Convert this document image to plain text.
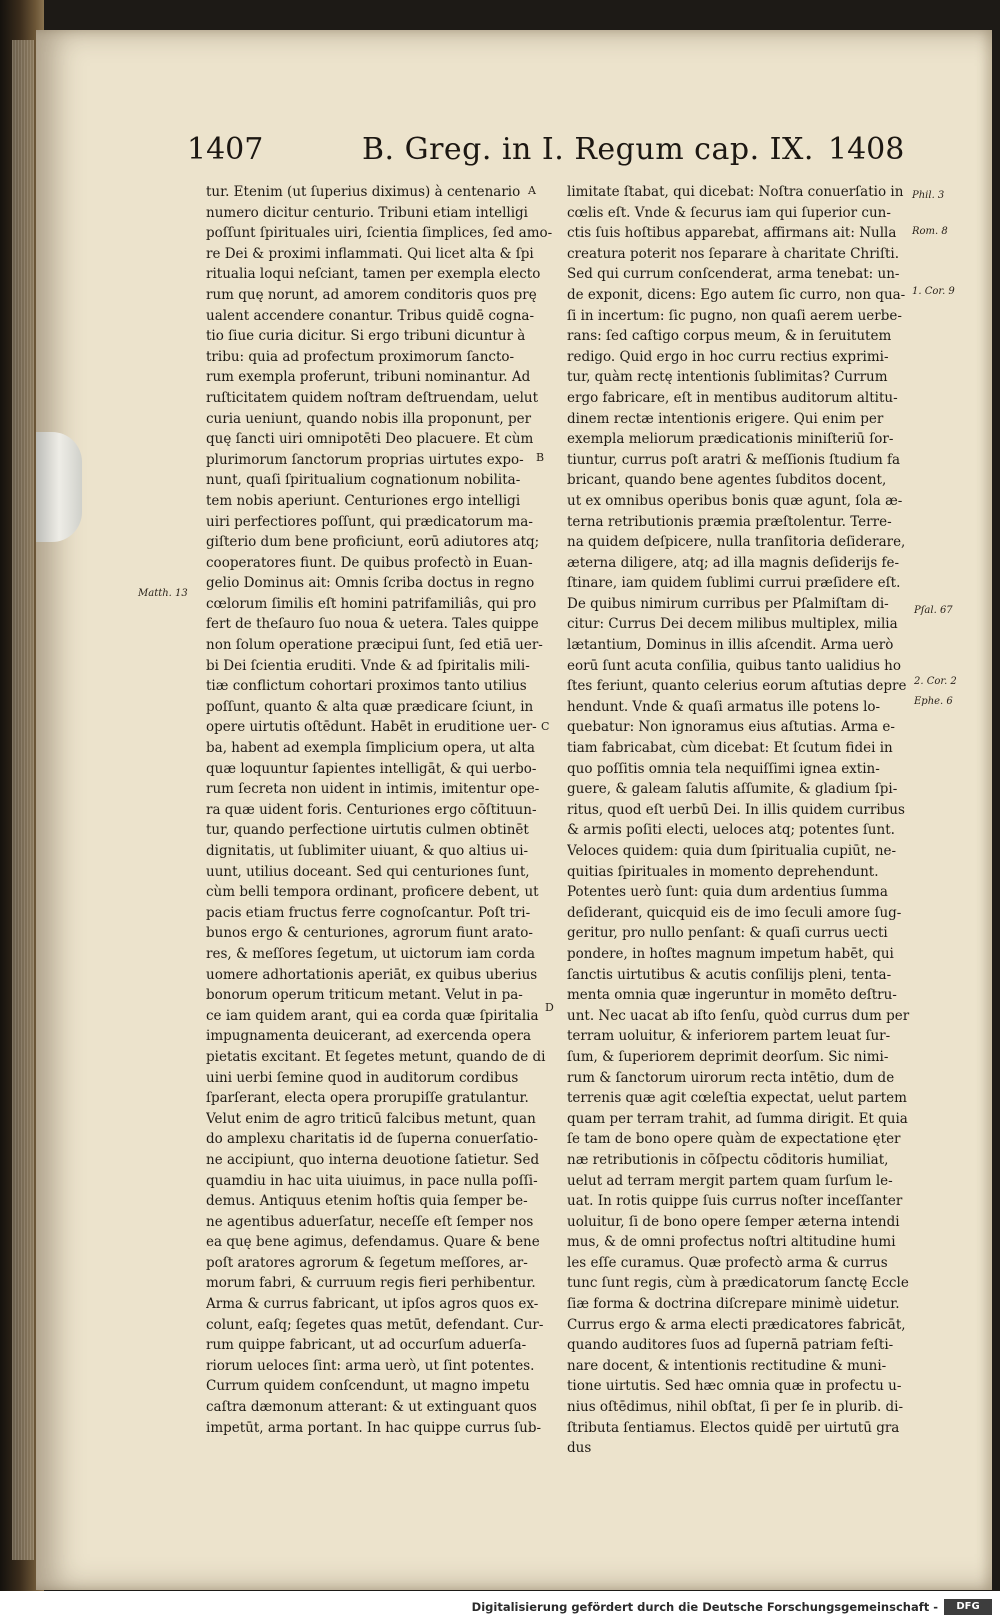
1407	B. Greg. in I. Regum cap. IX. 1408
tur. Etenim (ut ſuperius diximus) à centenario
numero dicitur centurio. Tribuni etiam intelligi
poſſunt ſpirituales uiri, ſcientia ſimplices, ſed amo-
re Dei & proximi inflammati. Qui licet alta & ſpi
ritualia loqui neſciant, tamen per exempla electo
rum quę norunt, ad amorem conditoris quos prę
ualent accendere conantur. Tribus quidē cogna-
tio ſiue curia dicitur. Si ergo tribuni dicuntur à
tribu: quia ad profectum proximorum ſancto-
rum exempla proferunt, tribuni nominantur. Ad
ruſticitatem quidem noſtram deſtruendam, uelut
curia ueniunt, quando nobis illa proponunt, per
quę ſancti uiri omnipotēti Deo placuere. Et cùm
plurimorum ſanctorum proprias uirtutes expo-
nunt, quaſi ſpiritualium cognationum nobilita-
tem nobis aperiunt. Centuriones ergo intelligi
uiri perfectiores poſſunt, qui prædicatorum ma-
giſterio dum bene proficiunt, eorū adiutores atq;
cooperatores fiunt. De quibus profectò in Euan-
gelio Dominus ait: Omnis ſcriba doctus in regno
cœlorum ſimilis eſt homini patrifamiliâs, qui pro
fert de theſauro ſuo noua & uetera. Tales quippe
non ſolum operatione præcipui ſunt, ſed etiā uer-
bi Dei ſcientia eruditi. Vnde & ad ſpiritalis mili-
tiæ conflictum cohortari proximos tanto utilius
poſſunt, quanto & alta quæ prædicare ſciunt, in
opere uirtutis oſtēdunt. Habēt in eruditione uer-
ba, habent ad exempla ſimplicium opera, ut alta
quæ loquuntur ſapientes intelligāt, & qui uerbo-
rum ſecreta non uident in intimis, imitentur ope-
ra quæ uident foris. Centuriones ergo cōſtituun-
tur, quando perfectione uirtutis culmen obtinēt
dignitatis, ut ſublimiter uiuant, & quo altius ui-
uunt, utilius doceant. Sed qui centuriones ſunt,
cùm belli tempora ordinant, proficere debent, ut
pacis etiam fructus ferre cognoſcantur. Poſt tri-
bunos ergo & centuriones, agrorum fiunt arato-
res, & meſſores ſegetum, ut uictorum iam corda
uomere adhortationis aperiāt, ex quibus uberius
bonorum operum triticum metant. Velut in pa-
ce iam quidem arant, qui ea corda quæ ſpiritalia
impugnamenta deuicerant, ad exercenda opera
pietatis excitant. Et ſegetes metunt, quando de di
uini uerbi ſemine quod in auditorum cordibus
ſparſerant, electa opera prorupiſſe gratulantur.
Velut enim de agro triticū falcibus metunt, quan
do amplexu charitatis id de ſuperna conuerſatio-
ne accipiunt, quo interna deuotione ſatietur. Sed
quamdiu in hac uita uiuimus, in pace nulla poſſi-
demus. Antiquus etenim hoſtis quia ſemper be-
ne agentibus aduerſatur, neceſſe eſt ſemper nos
ea quę bene agimus, defendamus. Quare & bene
poſt aratores agrorum & ſegetum meſſores, ar-
morum fabri, & curruum regis fieri perhibentur.
Arma & currus fabricant, ut ipſos agros quos ex-
colunt, eaſq; ſegetes quas metūt, defendant. Cur-
rum quippe fabricant, ut ad occurſum aduerſa-
riorum ueloces ſint: arma uerò, ut ſint potentes.
Currum quidem conſcendunt, ut magno impetu
caſtra dæmonum atterant: & ut extinguant quos
impetūt, arma portant. In hac quippe currus ſub-
limitate ſtabat, qui dicebat: Noſtra conuerſatio in
cœlis eſt. Vnde & ſecurus iam qui ſuperior cun-
ctis ſuis hoſtibus apparebat, affirmans ait: Nulla
creatura poterit nos ſeparare à charitate Chriſti.
Sed qui currum conſcenderat, arma tenebat: un-
de exponit, dicens: Ego autem ſic curro, non qua-
ſi in incertum: ſic pugno, non quaſi aerem uerbe-
rans: ſed caſtigo corpus meum, & in ſeruitutem
redigo. Quid ergo in hoc curru rectius exprimi-
tur, quàm rectę intentionis ſublimitas? Currum
ergo fabricare, eſt in mentibus auditorum altitu-
dinem rectæ intentionis erigere. Qui enim per
exempla meliorum prædicationis miniſteriū ſor-
tiuntur, currus poſt aratri & meſſionis ſtudium fa
bricant, quando bene agentes ſubditos docent,
ut ex omnibus operibus bonis quæ agunt, ſola æ-
terna retributionis præmia præſtolentur. Terre-
na quidem deſpicere, nulla tranſitoria deſiderare,
æterna diligere, atq; ad illa magnis deſiderijs fe-
ſtinare, iam quidem ſublimi currui præſidere eſt.
De quibus nimirum curribus per Pſalmiſtam di-
citur: Currus Dei decem milibus multiplex, milia
lætantium, Dominus in illis aſcendit. Arma uerò
eorū ſunt acuta conſilia, quibus tanto ualidius ho
ſtes feriunt, quanto celerius eorum aſtutias depre
hendunt. Vnde & quaſi armatus ille potens lo-
quebatur: Non ignoramus eius aſtutias. Arma e-
tiam fabricabat, cùm dicebat: Et ſcutum fidei in
quo poſſitis omnia tela nequiſſimi ignea extin-
guere, & galeam ſalutis aſſumite, & gladium ſpi-
ritus, quod eſt uerbū Dei. In illis quidem curribus
& armis poſiti electi, ueloces atq; potentes ſunt.
Veloces quidem: quia dum ſpiritualia cupiūt, ne-
quitias ſpirituales in momento deprehendunt.
Potentes uerò ſunt: quia dum ardentius ſumma
deſiderant, quicquid eis de imo ſeculi amore ſug-
geritur, pro nullo penſant: & quaſi currus uecti
pondere, in hoſtes magnum impetum habēt, qui
ſanctis uirtutibus & acutis conſilijs pleni, tenta-
menta omnia quæ ingeruntur in momēto deſtru-
unt. Nec uacat ab iſto ſenſu, quòd currus dum per
terram uoluitur, & inferiorem partem leuat ſur-
ſum, & ſuperiorem deprimit deorſum. Sic nimi-
rum & ſanctorum uirorum recta intētio, dum de
terrenis quæ agit cœleſtia expectat, uelut partem
quam per terram trahit, ad ſumma dirigit. Et quia
ſe tam de bono opere quàm de expectatione ęter
næ retributionis in cōſpectu cōditoris humiliat,
uelut ad terram mergit partem quam ſurſum le-
uat. In rotis quippe ſuis currus noſter inceſſanter
uoluitur, ſi de bono opere ſemper æterna intendi
mus, & de omni profectus noſtri altitudine humi
les eſſe curamus. Quæ profectò arma & currus
tunc ſunt regis, cùm à prædicatorum ſanctę Eccle
ſiæ forma & doctrina diſcrepare minimè uidetur.
Currus ergo & arma electi prædicatores fabricāt,
quando auditores ſuos ad ſupernā patriam feſti-
nare docent, & intentionis rectitudine & muni-
tione uirtutis. Sed hæc omnia quæ in profectu u-
nius oſtēdimus, nihil obſtat, ſi per ſe in plurib. di-
ſtributa ſentiamus. Electos quidē per uirtutū gra
dus
A
B
C
D
Matth. 13
Phil. 3
Rom. 8
1. Cor. 9
Pſal. 67
2. Cor. 2
Ephe. 6
Digitalisierung gefördert durch die Deutsche Forschungsgemeinschaft -	DFG
